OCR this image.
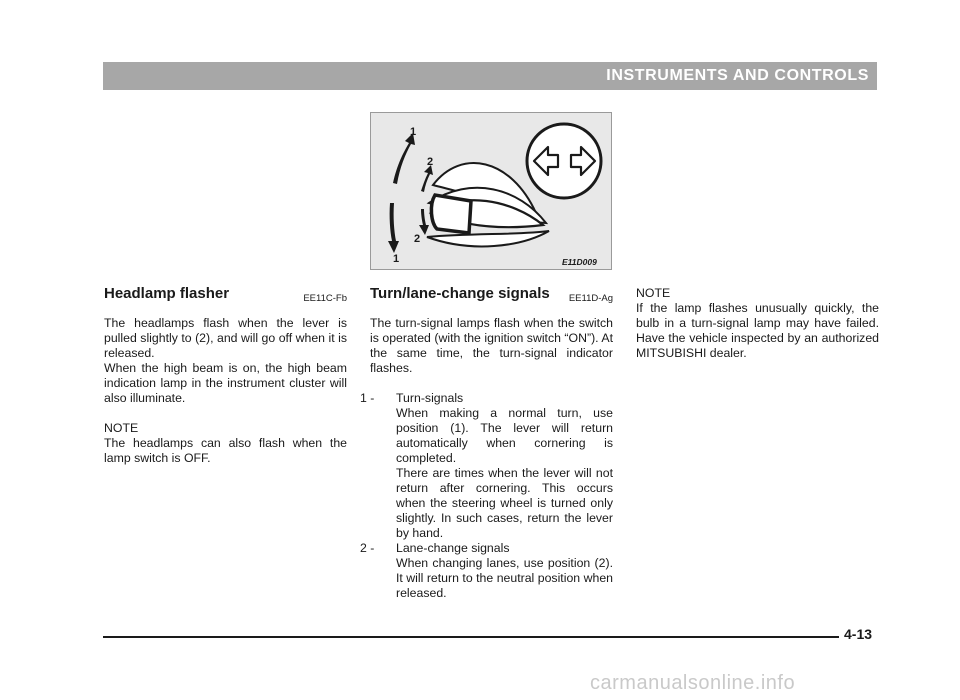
INSTRUMENTS AND CONTROLS
1
2
2
1	E11D009
Headlamp flasher	EE11C-Fb

The headlamps flash when the lever is pulled slightly to (2), and will go off when it is released.

When the high beam is on, the high beam indication lamp in the instrument cluster will also illuminate.

NOTE

The headlamps can also flash when the lamp switch is OFF.

Turn/lane-change signals EE11D-Ag

The turn-signal lamps flash when the switch is operated (with the ignition switch “ON”). At the same time, the turn-signal indicator flashes.

1 - Turn-signals

When making a normal turn, use position (1). The lever will return automatically when cornering is completed.

There are times when the lever will not return after cornering. This occurs when the steering wheel is turned only slightly. In such cases, return the lever by hand.

2 - Lane-change signals

When changing lanes, use position (2). It will return to the neutral position when released.

NOTE

If the lamp flashes unusually quickly, the bulb in a turn-signal lamp may have failed. Have the vehicle inspected by an authorized MITSUBISHI dealer.

4-13
carmanualsonline.info
